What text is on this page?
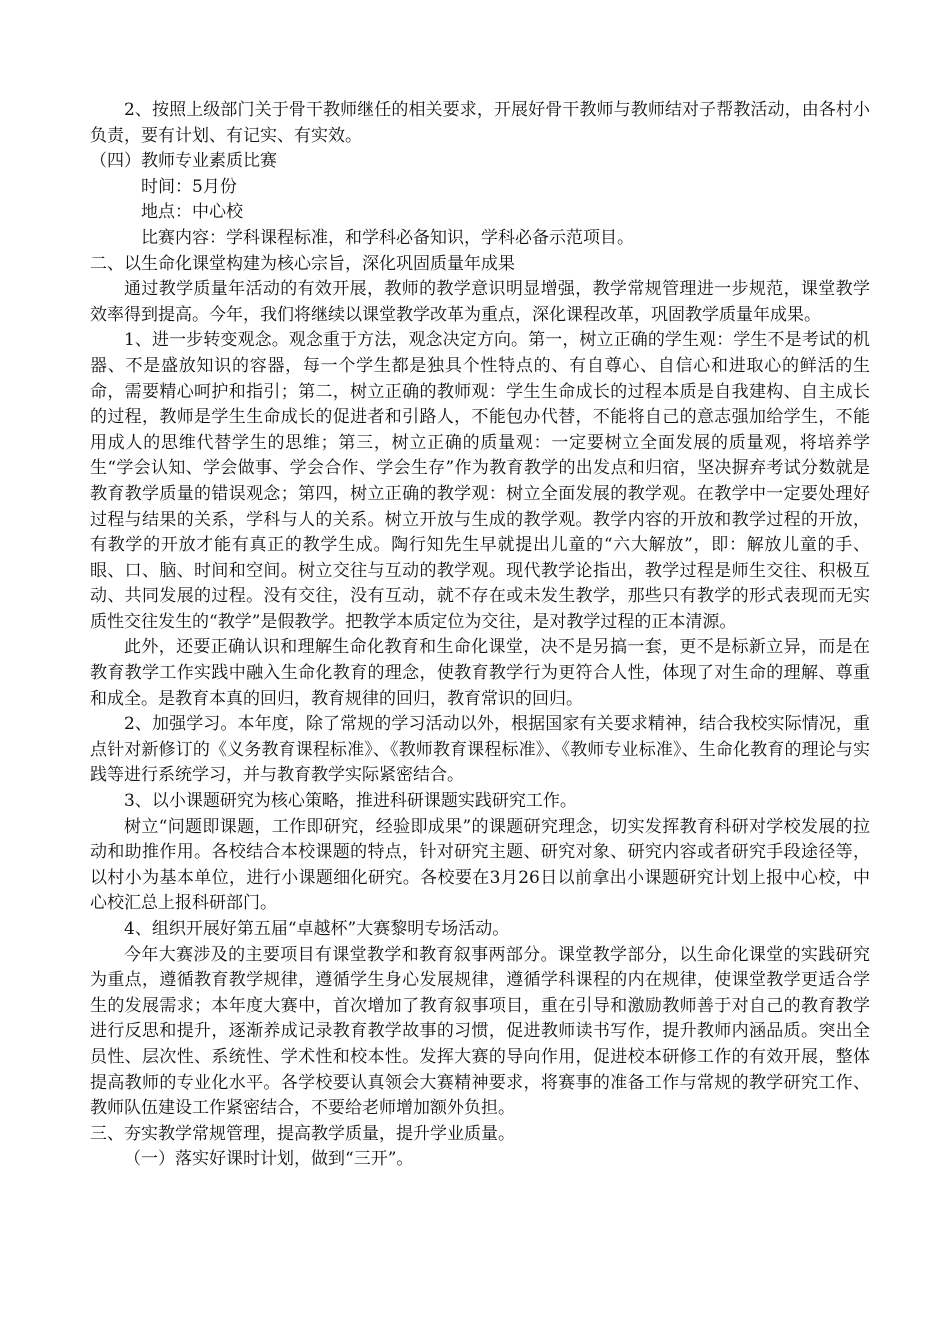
2、按照上级部门关于骨干教师继任的相关要求，开展好骨干教师与教师结对子帮教活动，由各村小负责，要有计划、有记实、有实效。

（四）教师专业素质比赛

时间：5月份

地点：中心校

比赛内容：学科课程标准，和学科必备知识，学科必备示范项目。

二、以生命化课堂构建为核心宗旨，深化巩固质量年成果

通过教学质量年活动的有效开展，教师的教学意识明显增强，教学常规管理进一步规范，课堂教学效率得到提高。今年，我们将继续以课堂教学改革为重点，深化课程改革，巩固教学质量年成果。

1、进一步转变观念。观念重于方法，观念决定方向。第一，树立正确的学生观：学生不是考试的机器、不是盛放知识的容器，每一个学生都是独具个性特点的、有自尊心、自信心和进取心的鲜活的生命，需要精心呵护和指引；第二，树立正确的教师观：学生生命成长的过程本质是自我建构、自主成长的过程，教师是学生生命成长的促进者和引路人，不能包办代替，不能将自己的意志强加给学生，不能用成人的思维代替学生的思维；第三，树立正确的质量观：一定要树立全面发展的质量观，将培养学生“学会认知、学会做事、学会合作、学会生存”作为教育教学的出发点和归宿，坚决摒弃考试分数就是教育教学质量的错误观念；第四，树立正确的教学观：树立全面发展的教学观。在教学中一定要处理好过程与结果的关系，学科与人的关系。树立开放与生成的教学观。教学内容的开放和教学过程的开放，有教学的开放才能有真正的教学生成。陶行知先生早就提出儿童的“六大解放”，即：解放儿童的手、眼、口、脑、时间和空间。树立交往与互动的教学观。现代教学论指出，教学过程是师生交往、积极互动、共同发展的过程。没有交往，没有互动，就不存在或未发生教学，那些只有教学的形式表现而无实质性交往发生的“教学”是假教学。把教学本质定位为交往，是对教学过程的正本清源。

此外，还要正确认识和理解生命化教育和生命化课堂，决不是另搞一套，更不是标新立异，而是在教育教学工作实践中融入生命化教育的理念，使教育教学行为更符合人性，体现了对生命的理解、尊重和成全。是教育本真的回归，教育规律的回归，教育常识的回归。

2、加强学习。本年度，除了常规的学习活动以外，根据国家有关要求精神，结合我校实际情况，重点针对新修订的《义务教育课程标准》、《教师教育课程标准》、《教师专业标准》、生命化教育的理论与实践等进行系统学习，并与教育教学实际紧密结合。

3、以小课题研究为核心策略，推进科研课题实践研究工作。

树立“问题即课题，工作即研究，经验即成果”的课题研究理念，切实发挥教育科研对学校发展的拉动和助推作用。各校结合本校课题的特点，针对研究主题、研究对象、研究内容或者研究手段途径等，以村小为基本单位，进行小课题细化研究。各校要在3月26日以前拿出小课题研究计划上报中心校，中心校汇总上报科研部门。

4、组织开展好第五届“卓越杯”大赛黎明专场活动。

今年大赛涉及的主要项目有课堂教学和教育叙事两部分。课堂教学部分，以生命化课堂的实践研究为重点，遵循教育教学规律，遵循学生身心发展规律，遵循学科课程的内在规律，使课堂教学更适合学生的发展需求；本年度大赛中，首次增加了教育叙事项目，重在引导和激励教师善于对自己的教育教学进行反思和提升，逐渐养成记录教育教学故事的习惯，促进教师读书写作，提升教师内涵品质。突出全员性、层次性、系统性、学术性和校本性。发挥大赛的导向作用，促进校本研修工作的有效开展，整体提高教师的专业化水平。各学校要认真领会大赛精神要求，将赛事的准备工作与常规的教学研究工作、教师队伍建设工作紧密结合，不要给老师增加额外负担。

三、夯实教学常规管理，提高教学质量，提升学业质量。

（一）落实好课时计划，做到“三开”。
